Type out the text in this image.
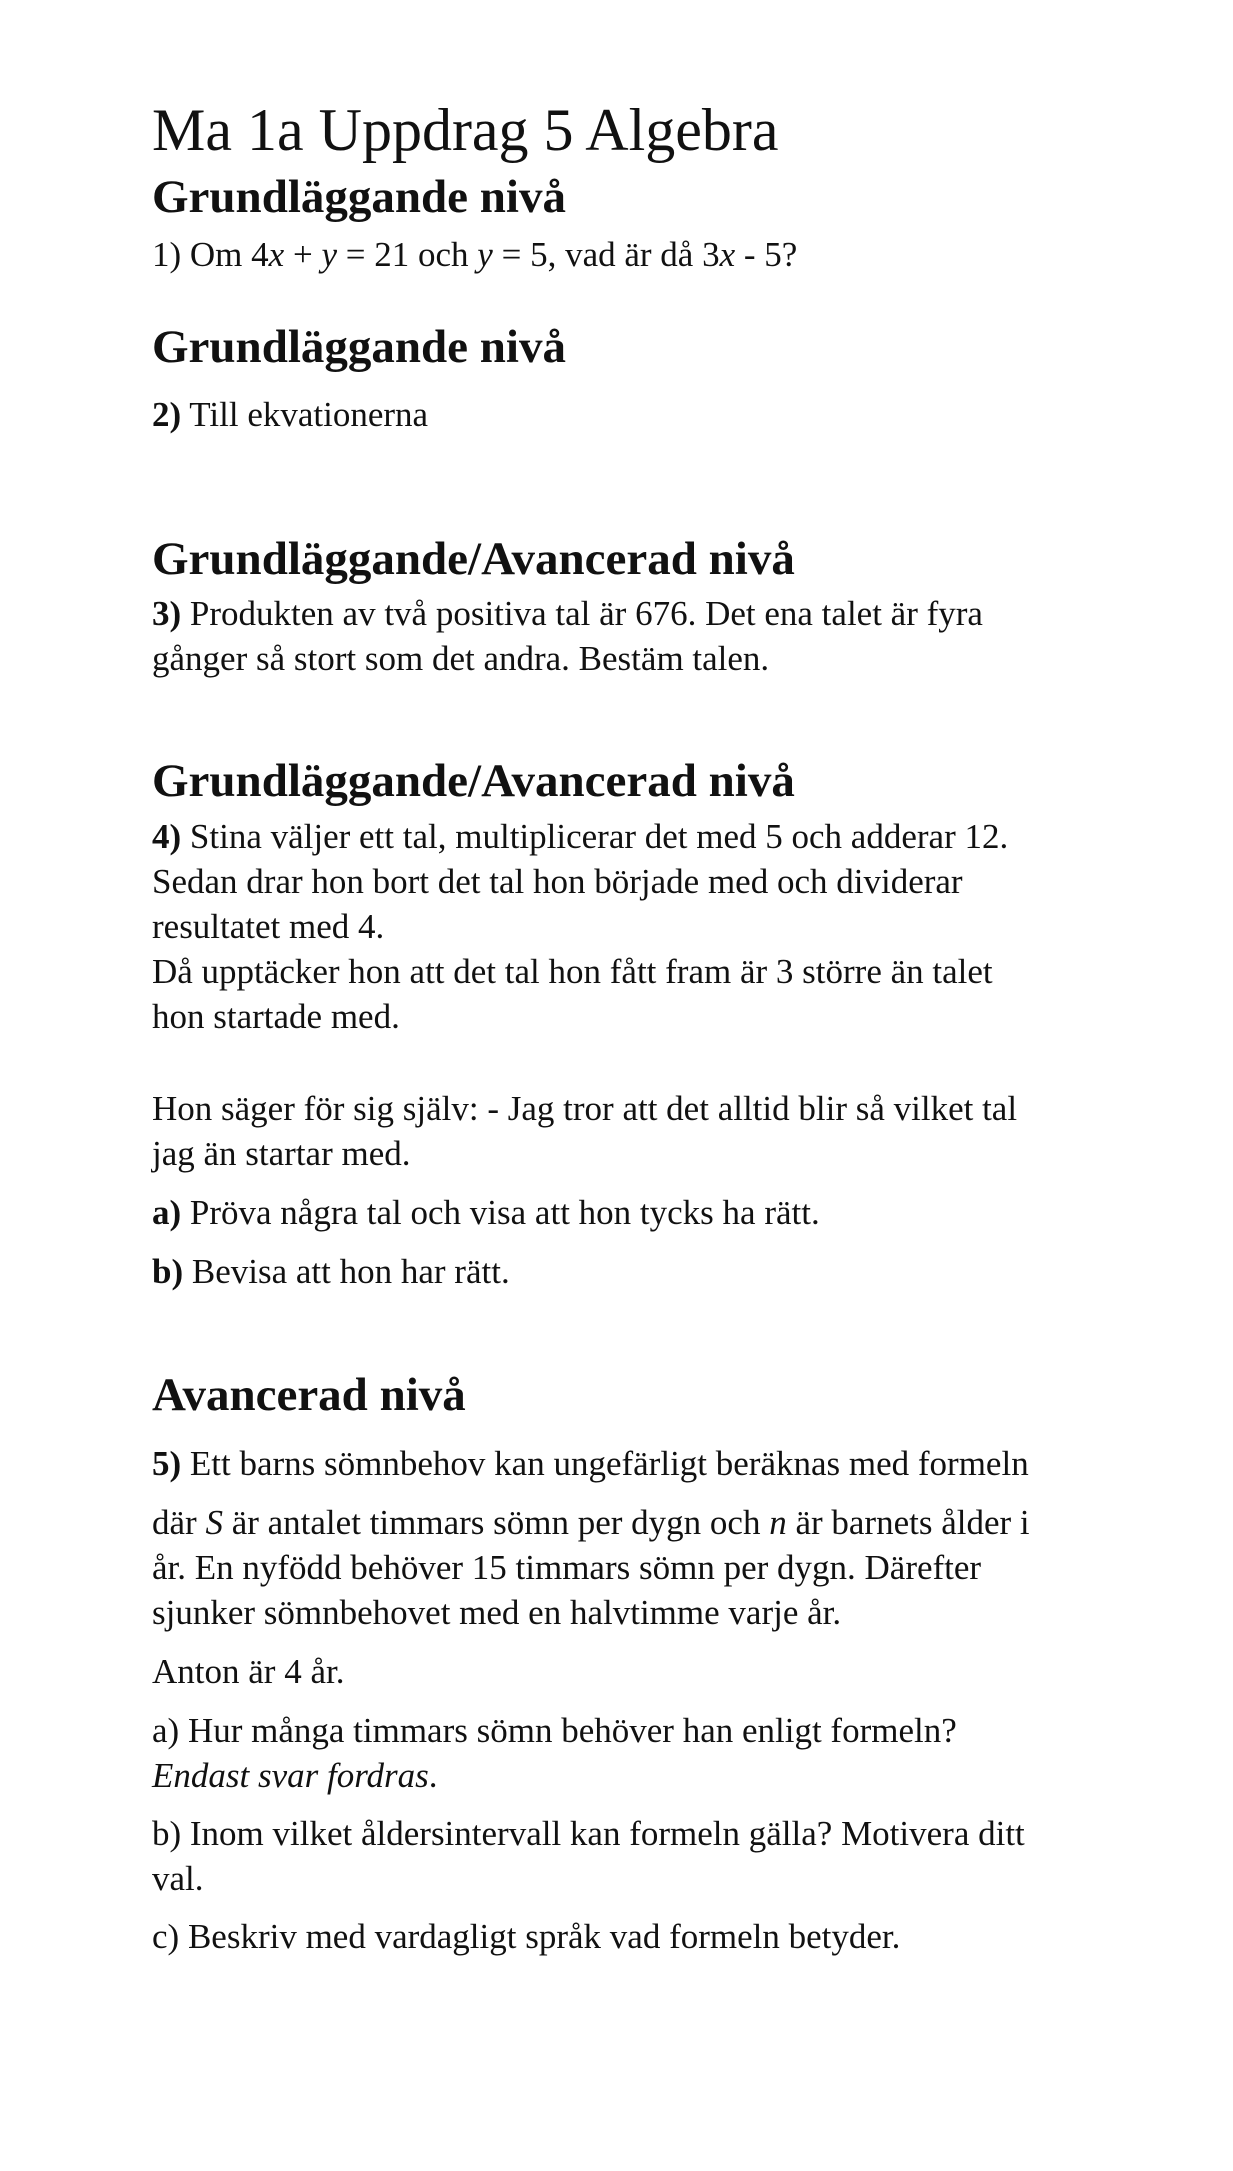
Ma 1a Uppdrag 5 Algebra
Grundläggande nivå

1) Om 4x + y = 21 och y = 5, vad är då 3x - 5?

Grundläggande nivå

2) Till ekvationerna

Grundläggande/Avancerad nivå

3) Produkten av två positiva tal är 676. Det ena talet är fyra
gånger så stort som det andra. Bestäm talen.

Grundläggande/Avancerad nivå

4) Stina väljer ett tal, multiplicerar det med 5 och adderar 12.
Sedan drar hon bort det tal hon började med och dividerar
resultatet med 4.
Då upptäcker hon att det tal hon fått fram är 3 större än talet
hon startade med.

Hon säger för sig själv: - Jag tror att det alltid blir så vilket tal
jag än startar med.

a) Pröva några tal och visa att hon tycks ha rätt.

b) Bevisa att hon har rätt.

Avancerad nivå

5) Ett barns sömnbehov kan ungefärligt beräknas med formeln

där S är antalet timmars sömn per dygn och n är barnets ålder i
år. En nyfödd behöver 15 timmars sömn per dygn. Därefter
sjunker sömnbehovet med en halvtimme varje år.

Anton är 4 år.

a) Hur många timmars sömn behöver han enligt formeln?
Endast svar fordras.

b) Inom vilket åldersintervall kan formeln gälla? Motivera ditt
val.

c) Beskriv med vardagligt språk vad formeln betyder.
